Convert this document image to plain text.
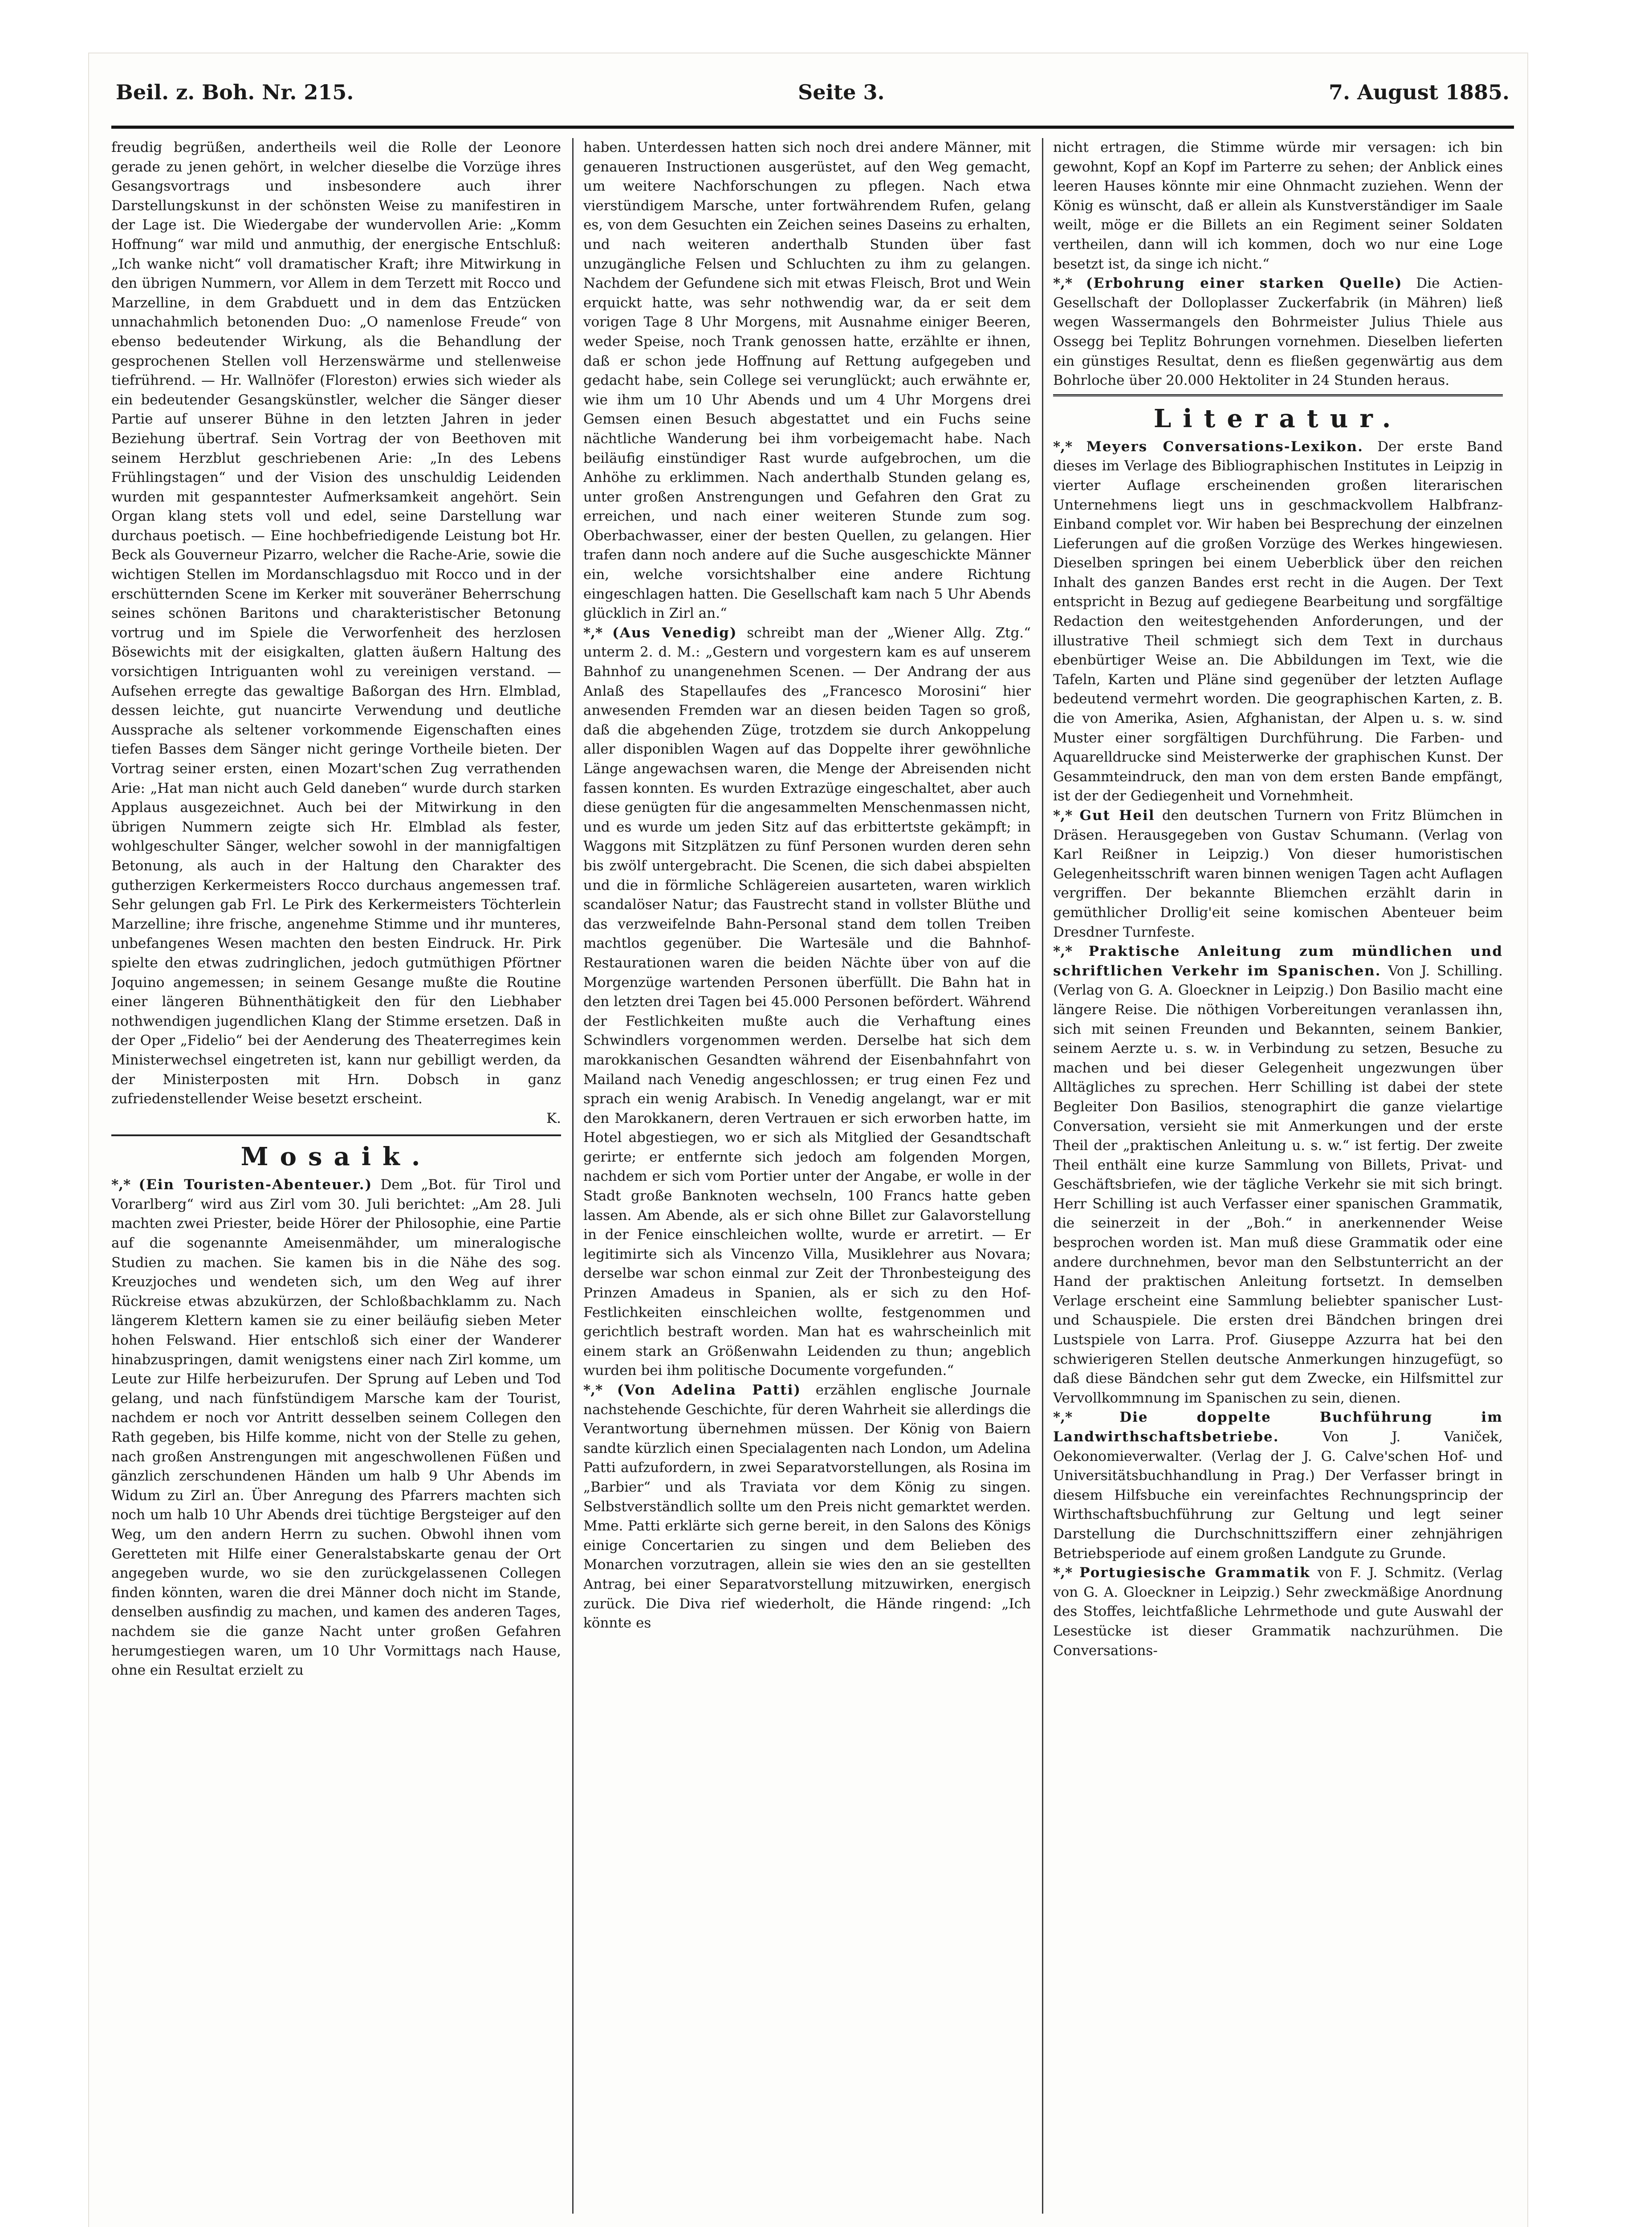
Beil. z. Boh. Nr. 215.	Seite 3.	7. August 1885.

freudig begrüßen, andertheils weil die Rolle der Leonore gerade zu jenen gehört, in welcher dieselbe die Vorzüge ihres Gesangsvortrags und insbesondere auch ihrer Darstellungskunst in der schönsten Weise zu manifestiren in der Lage ist. Die Wiedergabe der wundervollen Arie: „Komm Hoffnung“ war mild und anmuthig, der energische Entschluß: „Ich wanke nicht“ voll dramatischer Kraft; ihre Mitwirkung in den übrigen Nummern, vor Allem in dem Terzett mit Rocco und Marzelline, in dem Grabduett und in dem das Entzücken unnachahmlich betonenden Duo: „O namenlose Freude“ von ebenso bedeutender Wirkung, als die Behandlung der gesprochenen Stellen voll Herzenswärme und stellenweise tiefrührend. — Hr. Wallnöfer (Floreston) erwies sich wieder als ein bedeutender Gesangskünstler, welcher die Sänger dieser Partie auf unserer Bühne in den letzten Jahren in jeder Beziehung übertraf. Sein Vortrag der von Beethoven mit seinem Herzblut geschriebenen Arie: „In des Lebens Frühlingstagen“ und der Vision des unschuldig Leidenden wurden mit gespanntester Aufmerksamkeit angehört. Sein Organ klang stets voll und edel, seine Darstellung war durchaus poetisch. — Eine hochbefriedigende Leistung bot Hr. Beck als Gouverneur Pizarro, welcher die Rache-Arie, sowie die wichtigen Stellen im Mordanschlagsduo mit Rocco und in der erschütternden Scene im Kerker mit souveräner Beherrschung seines schönen Baritons und charakteristischer Betonung vortrug und im Spiele die Verworfenheit des herzlosen Bösewichts mit der eisigkalten, glatten äußern Haltung des vorsichtigen Intriguanten wohl zu vereinigen verstand. — Aufsehen erregte das gewaltige Baßorgan des Hrn. Elmblad, dessen leichte, gut nuancirte Verwendung und deutliche Aussprache als seltener vorkommende Eigenschaften eines tiefen Basses dem Sänger nicht geringe Vortheile bieten. Der Vortrag seiner ersten, einen Mozart'schen Zug verrathenden Arie: „Hat man nicht auch Geld daneben“ wurde durch starken Applaus ausgezeichnet. Auch bei der Mitwirkung in den übrigen Nummern zeigte sich Hr. Elmblad als fester, wohlgeschulter Sänger, welcher sowohl in der mannigfaltigen Betonung, als auch in der Haltung den Charakter des gutherzigen Kerkermeisters Rocco durchaus angemessen traf. Sehr gelungen gab Frl. Le Pirk des Kerkermeisters Töchterlein Marzelline; ihre frische, angenehme Stimme und ihr munteres, unbefangenes Wesen machten den besten Eindruck. Hr. Pirk spielte den etwas zudringlichen, jedoch gutmüthigen Pförtner Joquino angemessen; in seinem Gesange mußte die Routine einer längeren Bühnenthätigkeit den für den Liebhaber nothwendigen jugendlichen Klang der Stimme ersetzen. Daß in der Oper „Fidelio“ bei der Aenderung des Theaterregimes kein Ministerwechsel eingetreten ist, kann nur gebilligt werden, da der Ministerposten mit Hrn. Dobsch in ganz zufriedenstellender Weise besetzt erscheint.

K.

Mosaik.

*,* (Ein Touristen-Abenteuer.) Dem „Bot. für Tirol und Vorarlberg“ wird aus Zirl vom 30. Juli berichtet: „Am 28. Juli machten zwei Priester, beide Hörer der Philosophie, eine Partie auf die sogenannte Ameisenmähder, um mineralogische Studien zu machen. Sie kamen bis in die Nähe des sog. Kreuzjoches und wendeten sich, um den Weg auf ihrer Rückreise etwas abzukürzen, der Schloßbachklamm zu. Nach längerem Klettern kamen sie zu einer beiläufig sieben Meter hohen Felswand. Hier entschloß sich einer der Wanderer hinabzuspringen, damit wenigstens einer nach Zirl komme, um Leute zur Hilfe herbeizurufen. Der Sprung auf Leben und Tod gelang, und nach fünfstündigem Marsche kam der Tourist, nachdem er noch vor Antritt desselben seinem Collegen den Rath gegeben, bis Hilfe komme, nicht von der Stelle zu gehen, nach großen Anstrengungen mit angeschwollenen Füßen und gänzlich zerschundenen Händen um halb 9 Uhr Abends im Widum zu Zirl an. Über Anregung des Pfarrers machten sich noch um halb 10 Uhr Abends drei tüchtige Bergsteiger auf den Weg, um den andern Herrn zu suchen. Obwohl ihnen vom Geretteten mit Hilfe einer Generalstabskarte genau der Ort angegeben wurde, wo sie den zurückgelassenen Collegen finden könnten, waren die drei Männer doch nicht im Stande, denselben ausfindig zu machen, und kamen des anderen Tages, nachdem sie die ganze Nacht unter großen Gefahren herumgestiegen waren, um 10 Uhr Vormittags nach Hause, ohne ein Resultat erzielt zu

haben. Unterdessen hatten sich noch drei andere Männer, mit genaueren Instructionen ausgerüstet, auf den Weg gemacht, um weitere Nachforschungen zu pflegen. Nach etwa vierstündigem Marsche, unter fortwährendem Rufen, gelang es, von dem Gesuchten ein Zeichen seines Daseins zu erhalten, und nach weiteren anderthalb Stunden über fast unzugängliche Felsen und Schluchten zu ihm zu gelangen. Nachdem der Gefundene sich mit etwas Fleisch, Brot und Wein erquickt hatte, was sehr nothwendig war, da er seit dem vorigen Tage 8 Uhr Morgens, mit Ausnahme einiger Beeren, weder Speise, noch Trank genossen hatte, erzählte er ihnen, daß er schon jede Hoffnung auf Rettung aufgegeben und gedacht habe, sein College sei verunglückt; auch erwähnte er, wie ihm um 10 Uhr Abends und um 4 Uhr Morgens drei Gemsen einen Besuch abgestattet und ein Fuchs seine nächtliche Wanderung bei ihm vorbeigemacht habe. Nach beiläufig einstündiger Rast wurde aufgebrochen, um die Anhöhe zu erklimmen. Nach anderthalb Stunden gelang es, unter großen Anstrengungen und Gefahren den Grat zu erreichen, und nach einer weiteren Stunde zum sog. Oberbachwasser, einer der besten Quellen, zu gelangen. Hier trafen dann noch andere auf die Suche ausgeschickte Männer ein, welche vorsichtshalber eine andere Richtung eingeschlagen hatten. Die Gesellschaft kam nach 5 Uhr Abends glücklich in Zirl an.“

*,* (Aus Venedig) schreibt man der „Wiener Allg. Ztg.“ unterm 2. d. M.: „Gestern und vorgestern kam es auf unserem Bahnhof zu unangenehmen Scenen. — Der Andrang der aus Anlaß des Stapellaufes des „Francesco Morosini“ hier anwesenden Fremden war an diesen beiden Tagen so groß, daß die abgehenden Züge, trotzdem sie durch Ankoppelung aller disponiblen Wagen auf das Doppelte ihrer gewöhnliche Länge angewachsen waren, die Menge der Abreisenden nicht fassen konnten. Es wurden Extrazüge eingeschaltet, aber auch diese genügten für die angesammelten Menschenmassen nicht, und es wurde um jeden Sitz auf das erbittertste gekämpft; in Waggons mit Sitzplätzen zu fünf Personen wurden deren sehn bis zwölf untergebracht. Die Scenen, die sich dabei abspielten und die in förmliche Schlägereien ausarteten, waren wirklich scandalöser Natur; das Faustrecht stand in vollster Blüthe und das verzweifelnde Bahn-Personal stand dem tollen Treiben machtlos gegenüber. Die Wartesäle und die Bahnhof-Restaurationen waren die beiden Nächte über von auf die Morgenzüge wartenden Personen überfüllt. Die Bahn hat in den letzten drei Tagen bei 45.000 Personen befördert. Während der Festlichkeiten mußte auch die Verhaftung eines Schwindlers vorgenommen werden. Derselbe hat sich dem marokkanischen Gesandten während der Eisenbahnfahrt von Mailand nach Venedig angeschlossen; er trug einen Fez und sprach ein wenig Arabisch. In Venedig angelangt, war er mit den Marokkanern, deren Vertrauen er sich erworben hatte, im Hotel abgestiegen, wo er sich als Mitglied der Gesandtschaft gerirte; er entfernte sich jedoch am folgenden Morgen, nachdem er sich vom Portier unter der Angabe, er wolle in der Stadt große Banknoten wechseln, 100 Francs hatte geben lassen. Am Abende, als er sich ohne Billet zur Galavorstellung in der Fenice einschleichen wollte, wurde er arretirt. — Er legitimirte sich als Vincenzo Villa, Musiklehrer aus Novara; derselbe war schon einmal zur Zeit der Thronbesteigung des Prinzen Amadeus in Spanien, als er sich zu den Hof-Festlichkeiten einschleichen wollte, festgenommen und gerichtlich bestraft worden. Man hat es wahrscheinlich mit einem stark an Größenwahn Leidenden zu thun; angeblich wurden bei ihm politische Documente vorgefunden.“

*,* (Von Adelina Patti) erzählen englische Journale nachstehende Geschichte, für deren Wahrheit sie allerdings die Verantwortung übernehmen müssen. Der König von Baiern sandte kürzlich einen Specialagenten nach London, um Adelina Patti aufzufordern, in zwei Separatvorstellungen, als Rosina im „Barbier“ und als Traviata vor dem König zu singen. Selbstverständlich sollte um den Preis nicht gemarktet werden. Mme. Patti erklärte sich gerne bereit, in den Salons des Königs einige Concertarien zu singen und dem Belieben des Monarchen vorzutragen, allein sie wies den an sie gestellten Antrag, bei einer Separatvorstellung mitzuwirken, energisch zurück. Die Diva rief wiederholt, die Hände ringend: „Ich könnte es

nicht ertragen, die Stimme würde mir versagen: ich bin gewohnt, Kopf an Kopf im Parterre zu sehen; der Anblick eines leeren Hauses könnte mir eine Ohnmacht zuziehen. Wenn der König es wünscht, daß er allein als Kunstverständiger im Saale weilt, möge er die Billets an ein Regiment seiner Soldaten vertheilen, dann will ich kommen, doch wo nur eine Loge besetzt ist, da singe ich nicht.“

*,* (Erbohrung einer starken Quelle) Die Actien-Gesellschaft der Dolloplasser Zuckerfabrik (in Mähren) ließ wegen Wassermangels den Bohrmeister Julius Thiele aus Ossegg bei Teplitz Bohrungen vornehmen. Dieselben lieferten ein günstiges Resultat, denn es fließen gegenwärtig aus dem Bohrloche über 20.000 Hektoliter in 24 Stunden heraus.

Literatur.

*,* Meyers Conversations-Lexikon. Der erste Band dieses im Verlage des Bibliographischen Institutes in Leipzig in vierter Auflage erscheinenden großen literarischen Unternehmens liegt uns in geschmackvollem Halbfranz-Einband complet vor. Wir haben bei Besprechung der einzelnen Lieferungen auf die großen Vorzüge des Werkes hingewiesen. Dieselben springen bei einem Ueberblick über den reichen Inhalt des ganzen Bandes erst recht in die Augen. Der Text entspricht in Bezug auf gediegene Bearbeitung und sorgfältige Redaction den weitestgehenden Anforderungen, und der illustrative Theil schmiegt sich dem Text in durchaus ebenbürtiger Weise an. Die Abbildungen im Text, wie die Tafeln, Karten und Pläne sind gegenüber der letzten Auflage bedeutend vermehrt worden. Die geographischen Karten, z. B. die von Amerika, Asien, Afghanistan, der Alpen u. s. w. sind Muster einer sorgfältigen Durchführung. Die Farben- und Aquarelldrucke sind Meisterwerke der graphischen Kunst. Der Gesammteindruck, den man von dem ersten Bande empfängt, ist der der Gediegenheit und Vornehmheit.

*,* Gut Heil den deutschen Turnern von Fritz Blümchen in Dräsen. Herausgegeben von Gustav Schumann. (Verlag von Karl Reißner in Leipzig.) Von dieser humoristischen Gelegenheitsschrift waren binnen wenigen Tagen acht Auflagen vergriffen. Der bekannte Bliemchen erzählt darin in gemüthlicher Drollig'eit seine komischen Abenteuer beim Dresdner Turnfeste.

*,* Praktische Anleitung zum mündlichen und schriftlichen Verkehr im Spanischen. Von J. Schilling. (Verlag von G. A. Gloeckner in Leipzig.) Don Basilio macht eine längere Reise. Die nöthigen Vorbereitungen veranlassen ihn, sich mit seinen Freunden und Bekannten, seinem Bankier, seinem Aerzte u. s. w. in Verbindung zu setzen, Besuche zu machen und bei dieser Gelegenheit ungezwungen über Alltägliches zu sprechen. Herr Schilling ist dabei der stete Begleiter Don Basilios, stenographirt die ganze vielartige Conversation, versieht sie mit Anmerkungen und der erste Theil der „praktischen Anleitung u. s. w.“ ist fertig. Der zweite Theil enthält eine kurze Sammlung von Billets, Privat- und Geschäftsbriefen, wie der tägliche Verkehr sie mit sich bringt. Herr Schilling ist auch Verfasser einer spanischen Grammatik, die seinerzeit in der „Boh.“ in anerkennender Weise besprochen worden ist. Man muß diese Grammatik oder eine andere durchnehmen, bevor man den Selbstunterricht an der Hand der praktischen Anleitung fortsetzt. In demselben Verlage erscheint eine Sammlung beliebter spanischer Lust- und Schauspiele. Die ersten drei Bändchen bringen drei Lustspiele von Larra. Prof. Giuseppe Azzurra hat bei den schwierigeren Stellen deutsche Anmerkungen hinzugefügt, so daß diese Bändchen sehr gut dem Zwecke, ein Hilfsmittel zur Vervollkommnung im Spanischen zu sein, dienen.

*,*	Die doppelte Buchführung im Landwirthschaftsbetriebe.	Von J. Vaniček, Oekonomieverwalter. (Verlag der J. G. Calve'schen Hof- und Universitätsbuchhandlung in Prag.) Der Verfasser bringt in diesem Hilfsbuche ein vereinfachtes Rechnungsprincip der Wirthschaftsbuchführung zur Geltung und legt seiner Darstellung die Durchschnittsziffern einer zehnjährigen Betriebsperiode auf einem großen Landgute zu Grunde.

*,* Portugiesische Grammatik von F. J. Schmitz. (Verlag von G. A. Gloeckner in Leipzig.) Sehr zweckmäßige Anordnung des Stoffes, leichtfaßliche Lehrmethode und gute Auswahl der Lesestücke ist dieser Grammatik nachzurühmen. Die Conversations-
